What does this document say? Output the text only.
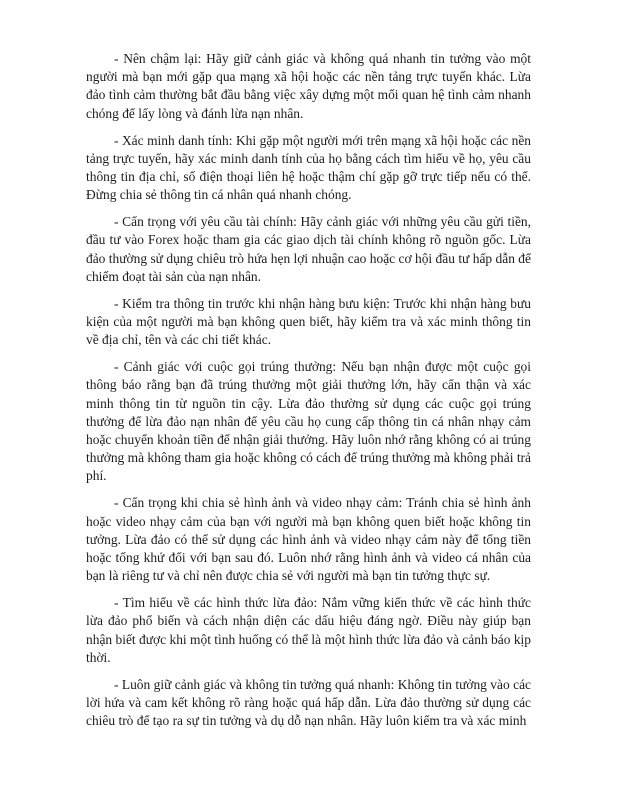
- Nên chậm lại: Hãy giữ cảnh giác và không quá nhanh tin tưởng vào một người mà bạn mới gặp qua mạng xã hội hoặc các nền tảng trực tuyến khác. Lừa đảo tình cảm thường bắt đầu bằng việc xây dựng một mối quan hệ tình cảm nhanh chóng để lấy lòng và đánh lừa nạn nhân.

- Xác minh danh tính: Khi gặp một người mới trên mạng xã hội hoặc các nền tảng trực tuyến, hãy xác minh danh tính của họ bằng cách tìm hiểu về họ, yêu cầu thông tin địa chỉ, số điện thoại liên hệ hoặc thậm chí gặp gỡ trực tiếp nếu có thể. Đừng chia sẻ thông tin cá nhân quá nhanh chóng.

- Cẩn trọng với yêu cầu tài chính: Hãy cảnh giác với những yêu cầu gửi tiền, đầu tư vào Forex hoặc tham gia các giao dịch tài chính không rõ nguồn gốc. Lừa đảo thường sử dụng chiêu trò hứa hẹn lợi nhuận cao hoặc cơ hội đầu tư hấp dẫn để chiếm đoạt tài sản của nạn nhân.

- Kiểm tra thông tin trước khi nhận hàng bưu kiện: Trước khi nhận hàng bưu kiện của một người mà bạn không quen biết, hãy kiểm tra và xác minh thông tin về địa chỉ, tên và các chi tiết khác.

- Cảnh giác với cuộc gọi trúng thưởng: Nếu bạn nhận được một cuộc gọi thông báo rằng bạn đã trúng thưởng một giải thưởng lớn, hãy cẩn thận và xác minh thông tin từ nguồn tin cậy. Lừa đảo thường sử dụng các cuộc gọi trúng thưởng để lừa đảo nạn nhân để yêu cầu họ cung cấp thông tin cá nhân nhạy cảm hoặc chuyển khoản tiền để nhận giải thưởng. Hãy luôn nhớ rằng không có ai trúng thưởng mà không tham gia hoặc không có cách để trúng thưởng mà không phải trả phí.

- Cẩn trọng khi chia sẻ hình ảnh và video nhạy cảm: Tránh chia sẻ hình ảnh hoặc video nhạy cảm của bạn với người mà bạn không quen biết hoặc không tin tưởng. Lừa đảo có thể sử dụng các hình ảnh và video nhạy cảm này để tống tiền hoặc tống khứ đối với bạn sau đó. Luôn nhớ rằng hình ảnh và video cá nhân của bạn là riêng tư và chỉ nên được chia sẻ với người mà bạn tin tưởng thực sự.

- Tìm hiểu về các hình thức lừa đảo: Nắm vững kiến thức về các hình thức lừa đảo phổ biến và cách nhận diện các dấu hiệu đáng ngờ. Điều này giúp bạn nhận biết được khi một tình huống có thể là một hình thức lừa đảo và cảnh báo kịp thời.

- Luôn giữ cảnh giác và không tin tưởng quá nhanh: Không tin tưởng vào các lời hứa và cam kết không rõ ràng hoặc quá hấp dẫn. Lừa đảo thường sử dụng các chiêu trò để tạo ra sự tin tưởng và dụ dỗ nạn nhân. Hãy luôn kiểm tra và xác minh
